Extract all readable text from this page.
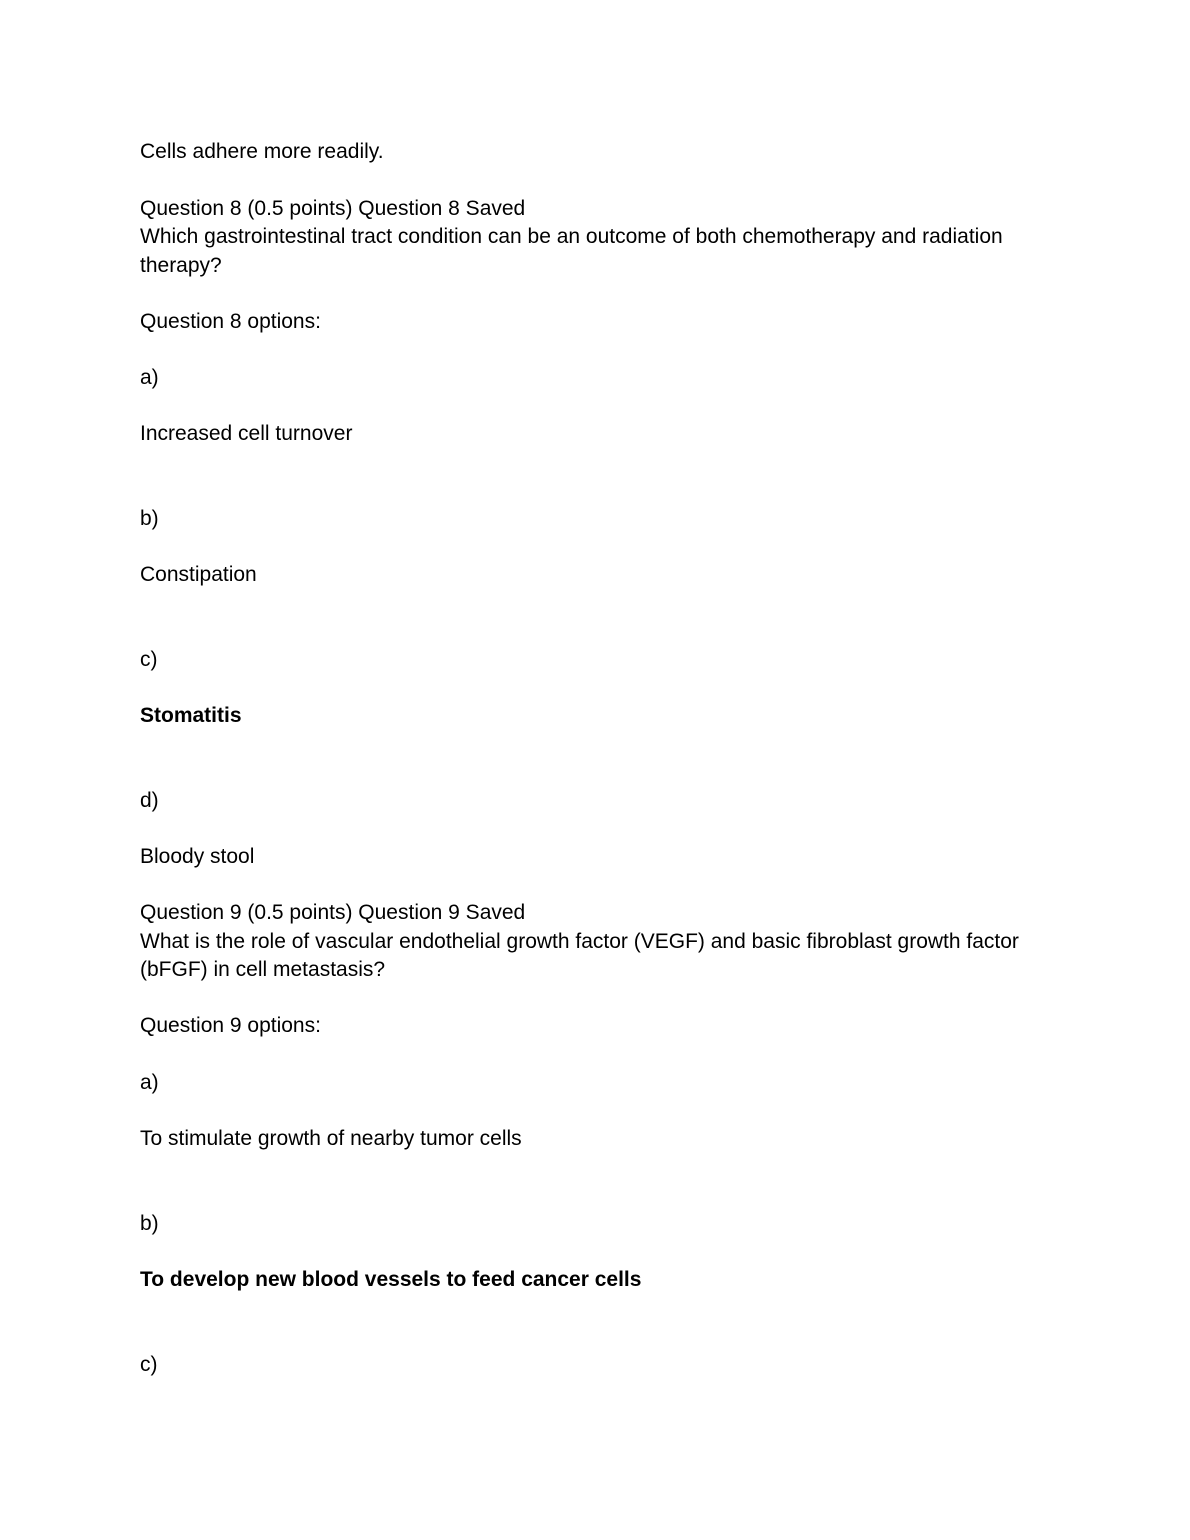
Cells adhere more readily.
Question 8 (0.5 points) Question 8 Saved
Which gastrointestinal tract condition can be an outcome of both chemotherapy and radiation
therapy?
Question 8 options:
a)
Increased cell turnover
b)
Constipation
c)
Stomatitis
d)
Bloody stool
Question 9 (0.5 points) Question 9 Saved
What is the role of vascular endothelial growth factor (VEGF) and basic fibroblast growth factor
(bFGF) in cell metastasis?
Question 9 options:
a)
To stimulate growth of nearby tumor cells
b)
To develop new blood vessels to feed cancer cells
c)
